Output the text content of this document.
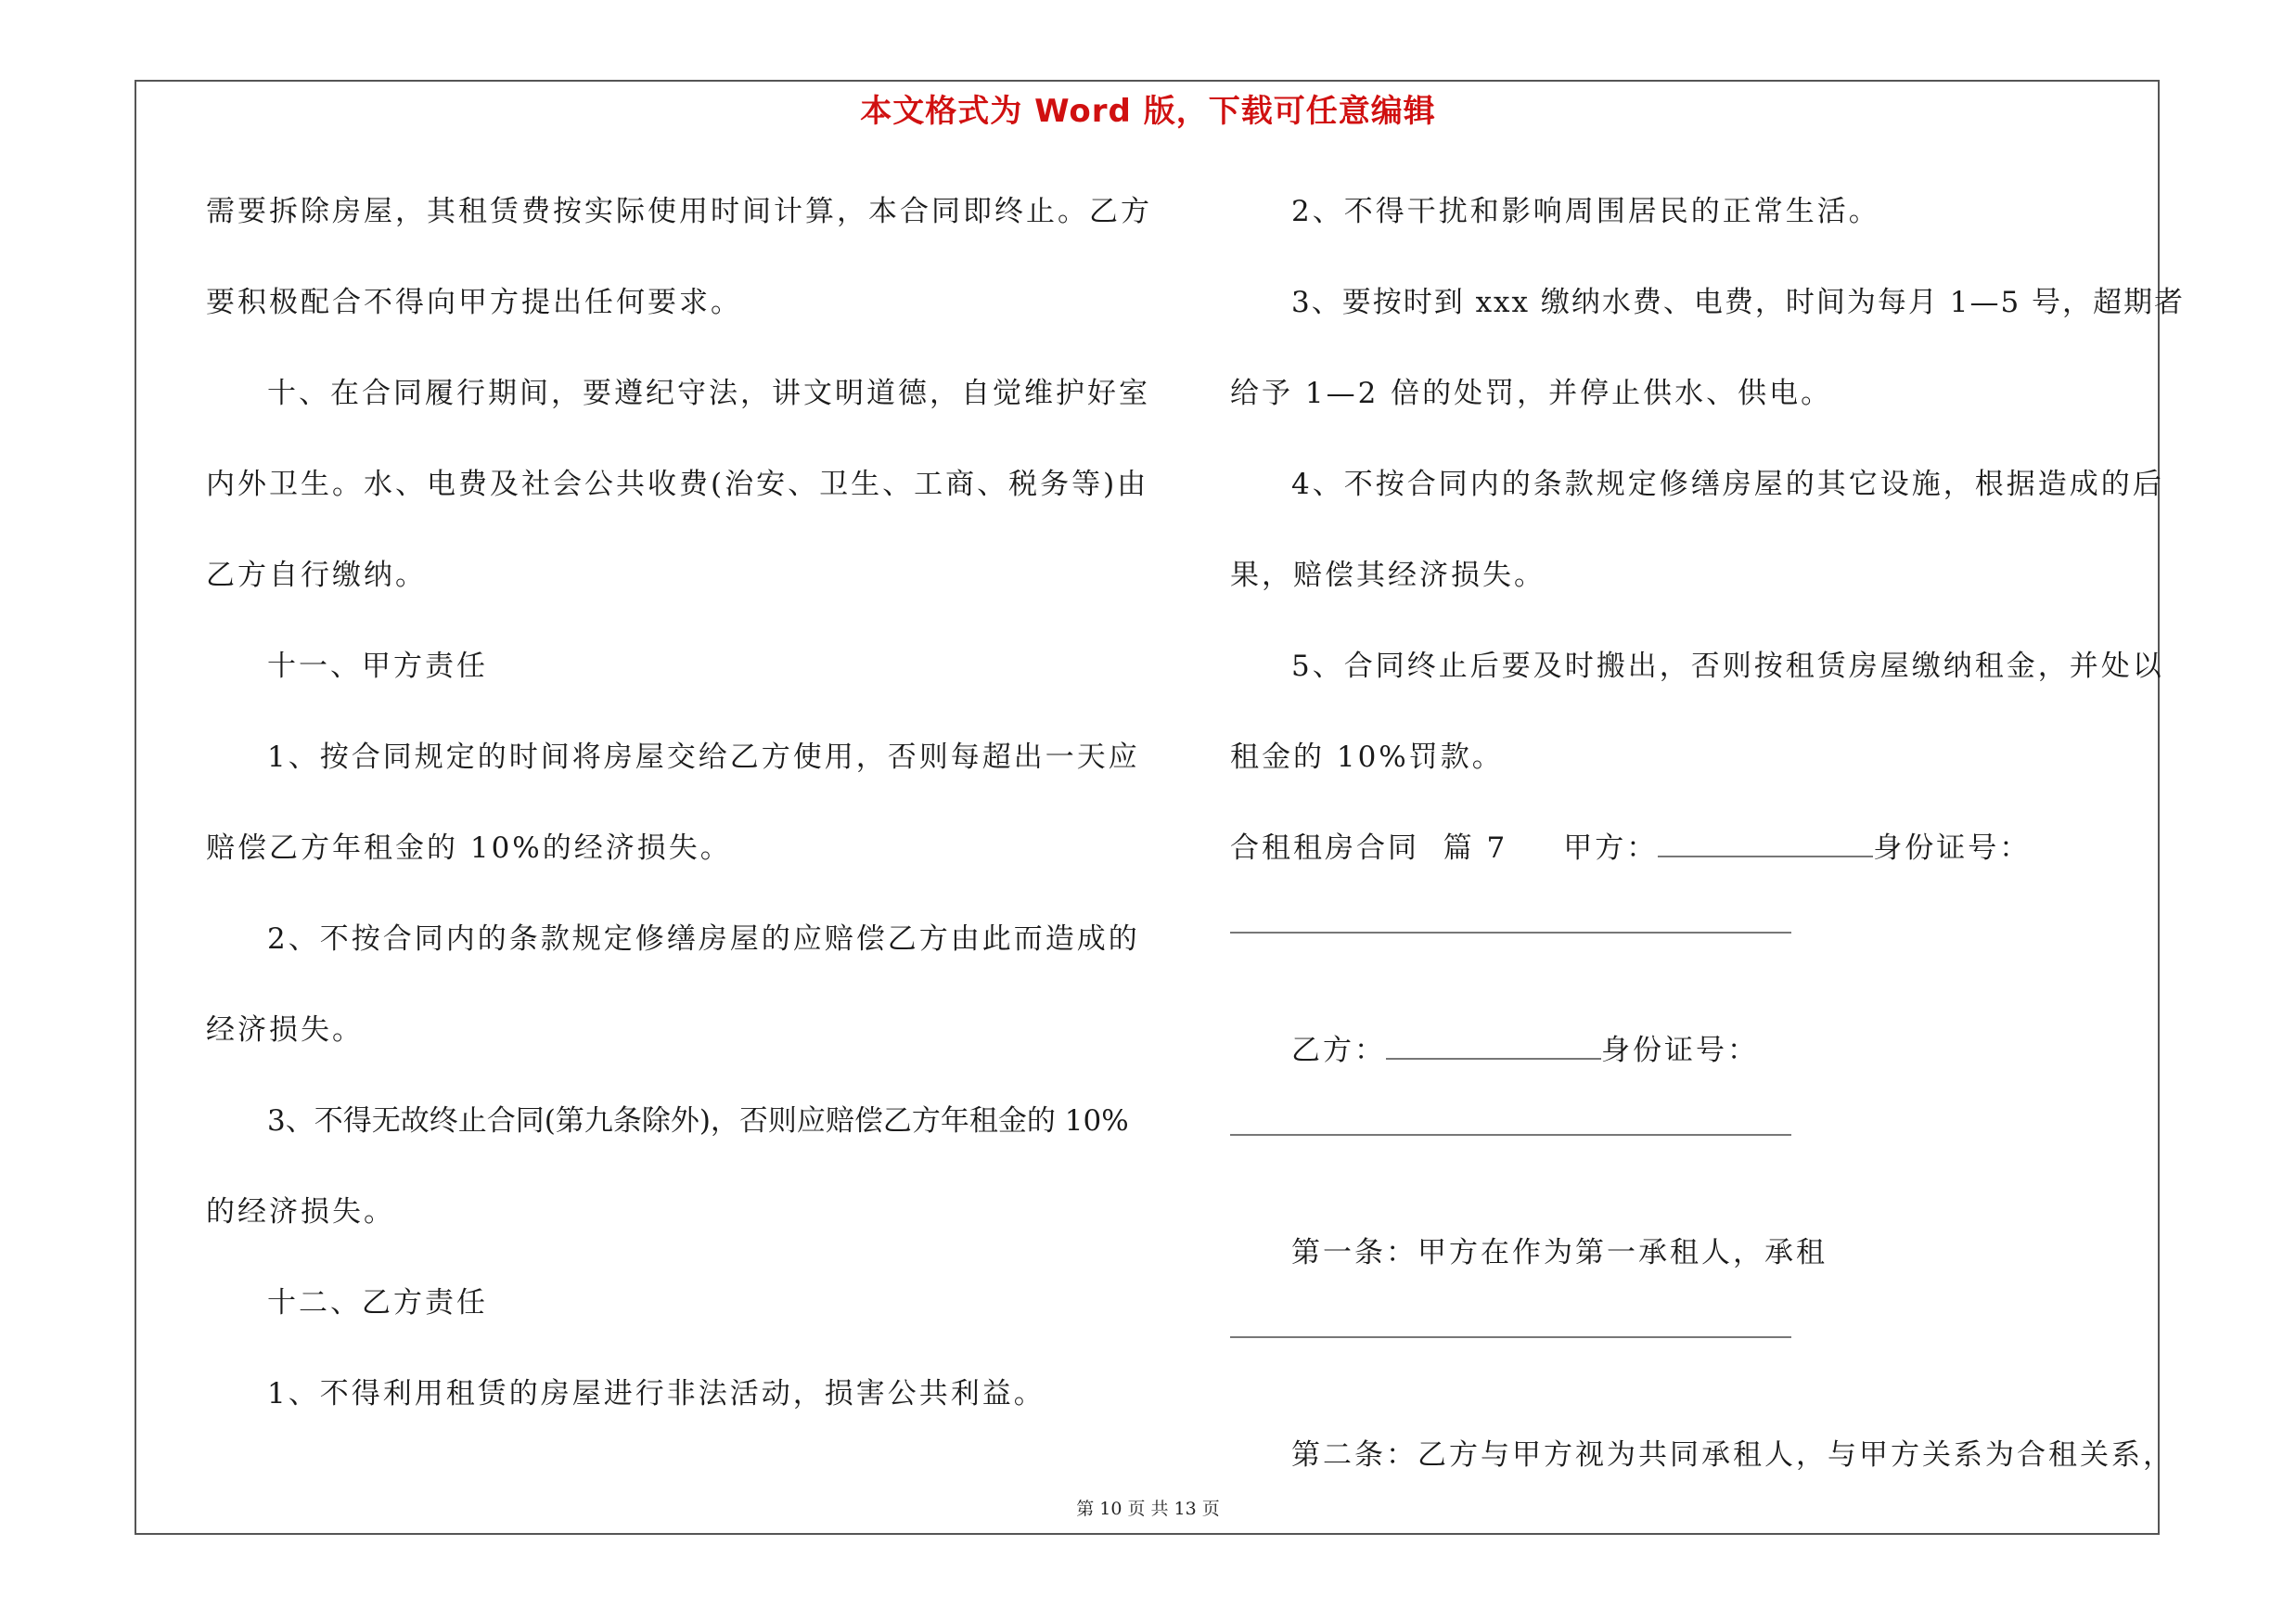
本文格式为 Word 版，下载可任意编辑
需要拆除房屋，其租赁费按实际使用时间计算，本合同即终止。乙方
要积极配合不得向甲方提出任何要求。
十、在合同履行期间，要遵纪守法，讲文明道德，自觉维护好室
内外卫生。水、电费及社会公共收费(治安、卫生、工商、税务等)由
乙方自行缴纳。
十一、甲方责任
1、按合同规定的时间将房屋交给乙方使用，否则每超出一天应
赔偿乙方年租金的 10%的经济损失。
2、不按合同内的条款规定修缮房屋的应赔偿乙方由此而造成的
经济损失。
3、不得无故终止合同(第九条除外)，否则应赔偿乙方年租金的 10%
的经济损失。
十二、乙方责任
1、不得利用租赁的房屋进行非法活动，损害公共利益。
2、不得干扰和影响周围居民的正常生活。
3、要按时到 xxx 缴纳水费、电费，时间为每月 1—5 号，超期者
给予 1—2 倍的处罚，并停止供水、供电。
4、不按合同内的条款规定修缮房屋的其它设施，根据造成的后
果，赔偿其经济损失。
5、合同终止后要及时搬出，否则按租赁房屋缴纳租金，并处以
租金的 10%罚款。
合租租房合同  篇 7 甲方：	身份证号：
乙方：	身份证号：
第一条：甲方在作为第一承租人，承租
第二条：乙方与甲方视为共同承租人，与甲方关系为合租关系，
第 10 页 共 13 页
